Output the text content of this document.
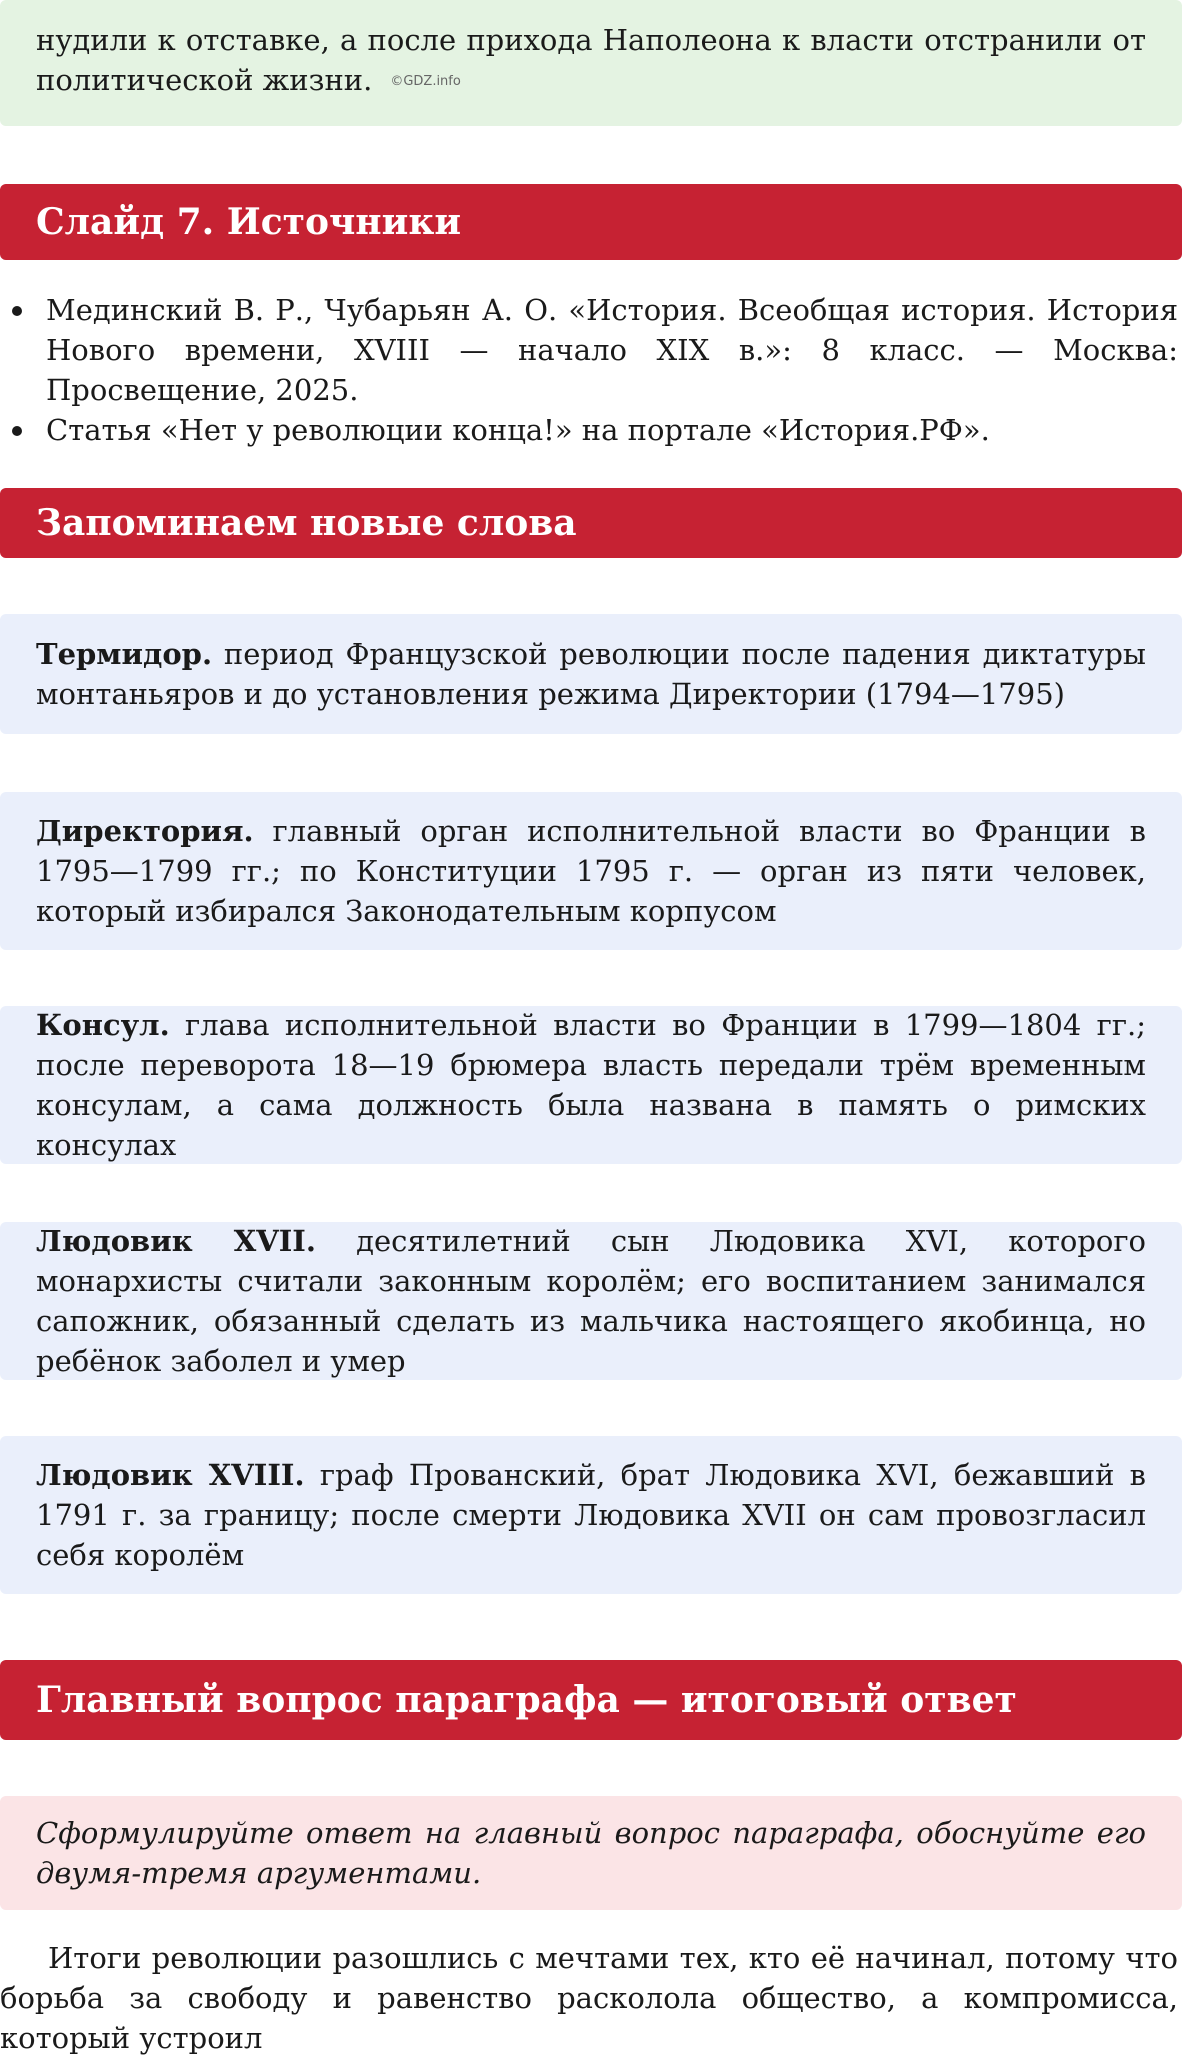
нудили к отставке, а после прихода Наполеона к власти отстранили от политической жизни. ©GDZ.info

Слайд 7. Источники
Мединский В. Р., Чубарьян А. О. «История. Всеобщая история. История Нового времени, XVIII — начало XIX в.»: 8 класс. — Москва: Просвещение, 2025.
Статья «Нет у революции конца!» на портале «История.РФ».
Запоминаем новые слова

Термидор. период Французской революции после падения диктатуры монтаньяров и до установления режима Директории (1794—1795)

Директория. главный орган исполнительной власти во Франции в 1795—1799 гг.; по Конституции 1795 г. — орган из пяти человек, который избирался Законодательным корпусом

Консул. глава исполнительной власти во Франции в 1799—1804 гг.; после переворота 18—19 брюмера власть передали трём временным консулам, а сама должность была названа в память о римских консулах

Людовик XVII. десятилетний сын Людовика XVI, которого монархисты считали законным королём; его воспитанием занимался сапожник, обязанный сделать из мальчика настоящего якобинца, но ребёнок заболел и умер

Людовик XVIII. граф Прованский, брат Людовика XVI, бежавший в 1791 г. за границу; после смерти Людовика XVII он сам провозгласил себя королём

Главный вопрос параграфа — итоговый ответ

Сформулируйте ответ на главный вопрос параграфа, обоснуйте его двумя-тремя аргументами.

Итоги революции разошлись с мечтами тех, кто её начинал, потому что борьба за свободу и равенство расколола общество, а компромисса, который устроил
